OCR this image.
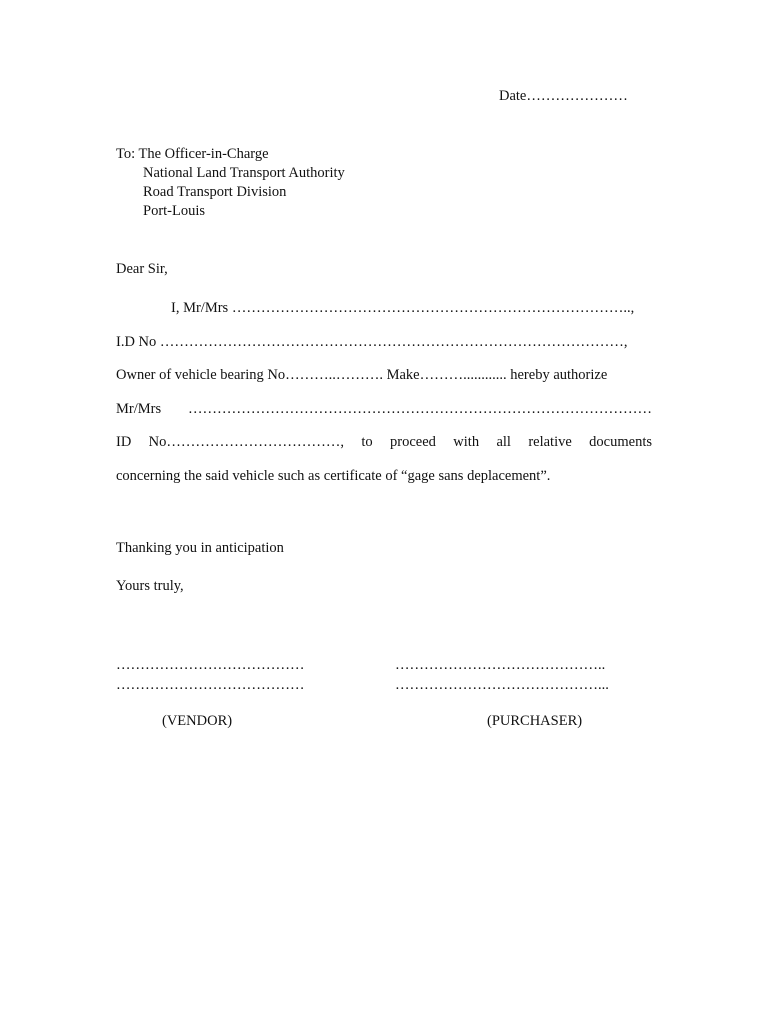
Date…………………
To: The Officer-in-Charge
National Land Transport Authority
Road Transport Division
Port-Louis
Dear Sir,
I, Mr/Mrs ………………………………………………………………………..,
I.D No ……………………………………………………………………………………,
Owner of vehicle bearing No………..………. Make………............ hereby authorize
Mr/Mrs ……………………………………………………………………………………
ID No………………………………, to proceed with all relative documents
concerning the said vehicle such as certificate of “gage sans deplacement”.
Thanking you in anticipation
Yours truly,
…………………………………
…………………………………
……………………………………..
……………………………………...
(VENDOR)	(PURCHASER)
